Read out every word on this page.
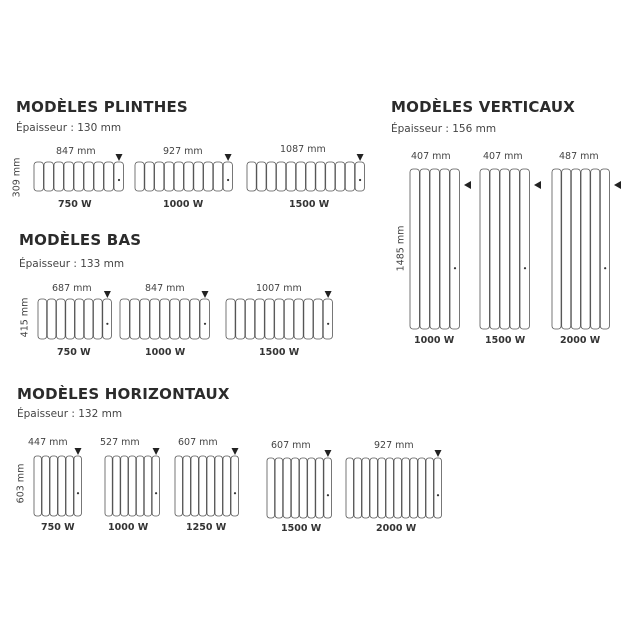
MODÈLES PLINTHES
Épaisseur : 130 mm
309 mm
847 mm
750 W
927 mm
1000 W
1087 mm
1500 W
MODÈLES BAS
Épaisseur : 133 mm
415 mm
687 mm
750 W
847 mm
1000 W
1007 mm
1500 W
MODÈLES HORIZONTAUX
Épaisseur : 132 mm
603 mm
447 mm
750 W
527 mm
1000 W
607 mm
1250 W
607 mm
1500 W
927 mm
2000 W
MODÈLES VERTICAUX
Épaisseur : 156 mm
1485 mm
407 mm
1000 W
407 mm
1500 W
487 mm
2000 W
